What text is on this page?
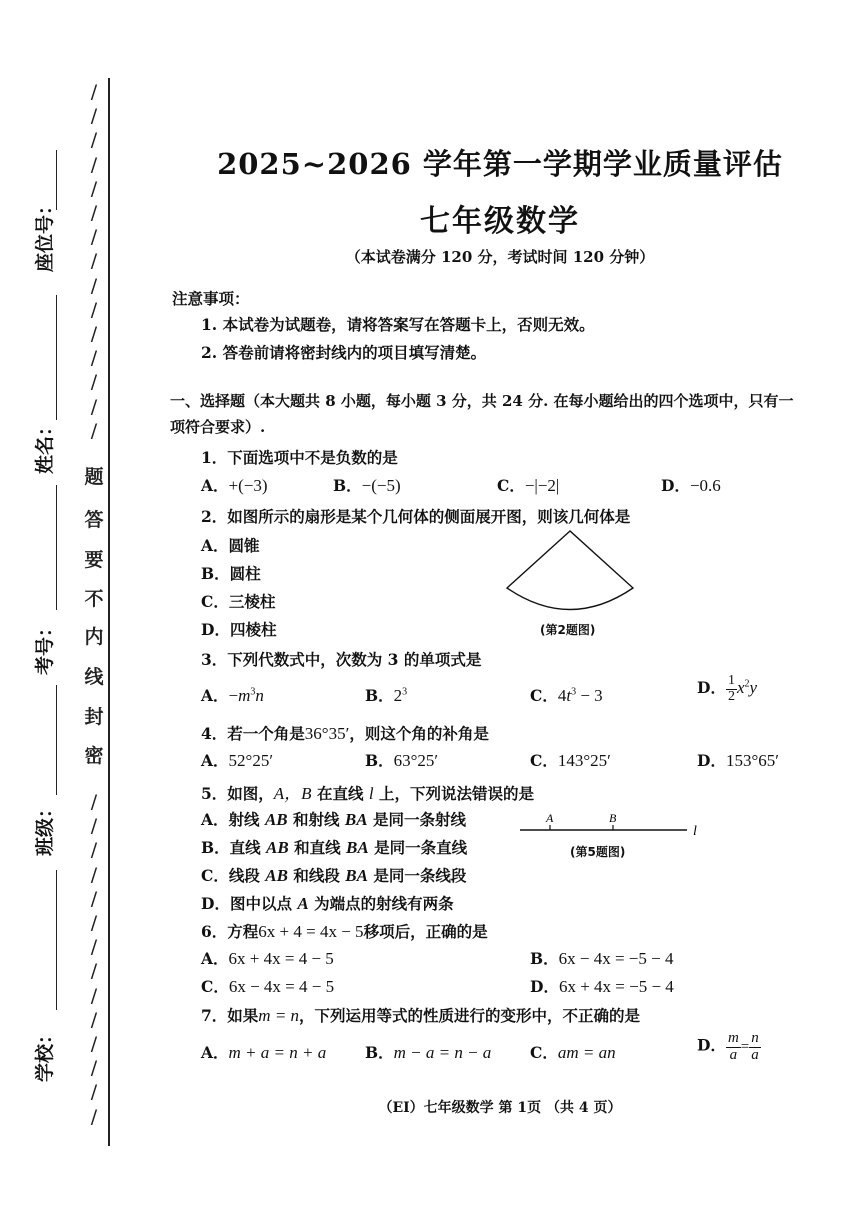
/
/
/
/
/
/
/
/
/
/
/
/
/
/
/
/
/
/
/
/
/
/
/
/
/
/
/
/
/
题
答
要
不
内
线
封
密
座位号：
姓名：
考号：
班级：
学校：
2025~2026 学年第一学期学业质量评估
七年级数学
（本试卷满分 120 分，考试时间 120 分钟）
注意事项：
1. 本试卷为试题卷，请将答案写在答题卡上，否则无效。
2. 答卷前请将密封线内的项目填写清楚。
一、选择题（本大题共 8 小题，每小题 3 分，共 24 分. 在每小题给出的四个选项中，只有一
项符合要求）.
1．下面选项中不是负数的是
A．+(−3)	B．−(−5)	C．−|−2|	D．−0.6
2．如图所示的扇形是某个几何体的侧面展开图，则该几何体是
A．圆锥
B．圆柱
C．三棱柱
D．四棱柱	(第2题图)
3．下列代数式中，次数为 3 的单项式是
A．$-m^3n$	B．$2^3$	C．$4t^3 - 3$	D． $\frac{1}{2} x^2y$
4．若一个角是36°35′，则这个角的补角是
A．52°25′	B．63°25′	C．143°25′	D．153°65′
5．如图，A，B 在直线 l 上，下列说法错误的是
A．射线 AB 和射线 BA 是同一条射线
B．直线 AB 和直线 BA 是同一条直线
C．线段 AB 和线段 BA 是同一条线段
D．图中以点 A 为端点的射线有两条
A	B
l
(第5题图)
6．方程6x + 4 = 4x − 5移项后，正确的是
A．6x + 4x = 4 − 5	B．6x − 4x = −5 − 4
C．6x − 4x = 4 − 5	D．6x + 4x = −5 − 4
7．如果m = n，下列运用等式的性质进行的变形中，不正确的是
A．m + a = n + a	B．m − a = n − a C．am = an	D． $\frac{m}{a} = \frac{n}{a}$
（EI）七年级数学 第 1页 （共 4 页）
